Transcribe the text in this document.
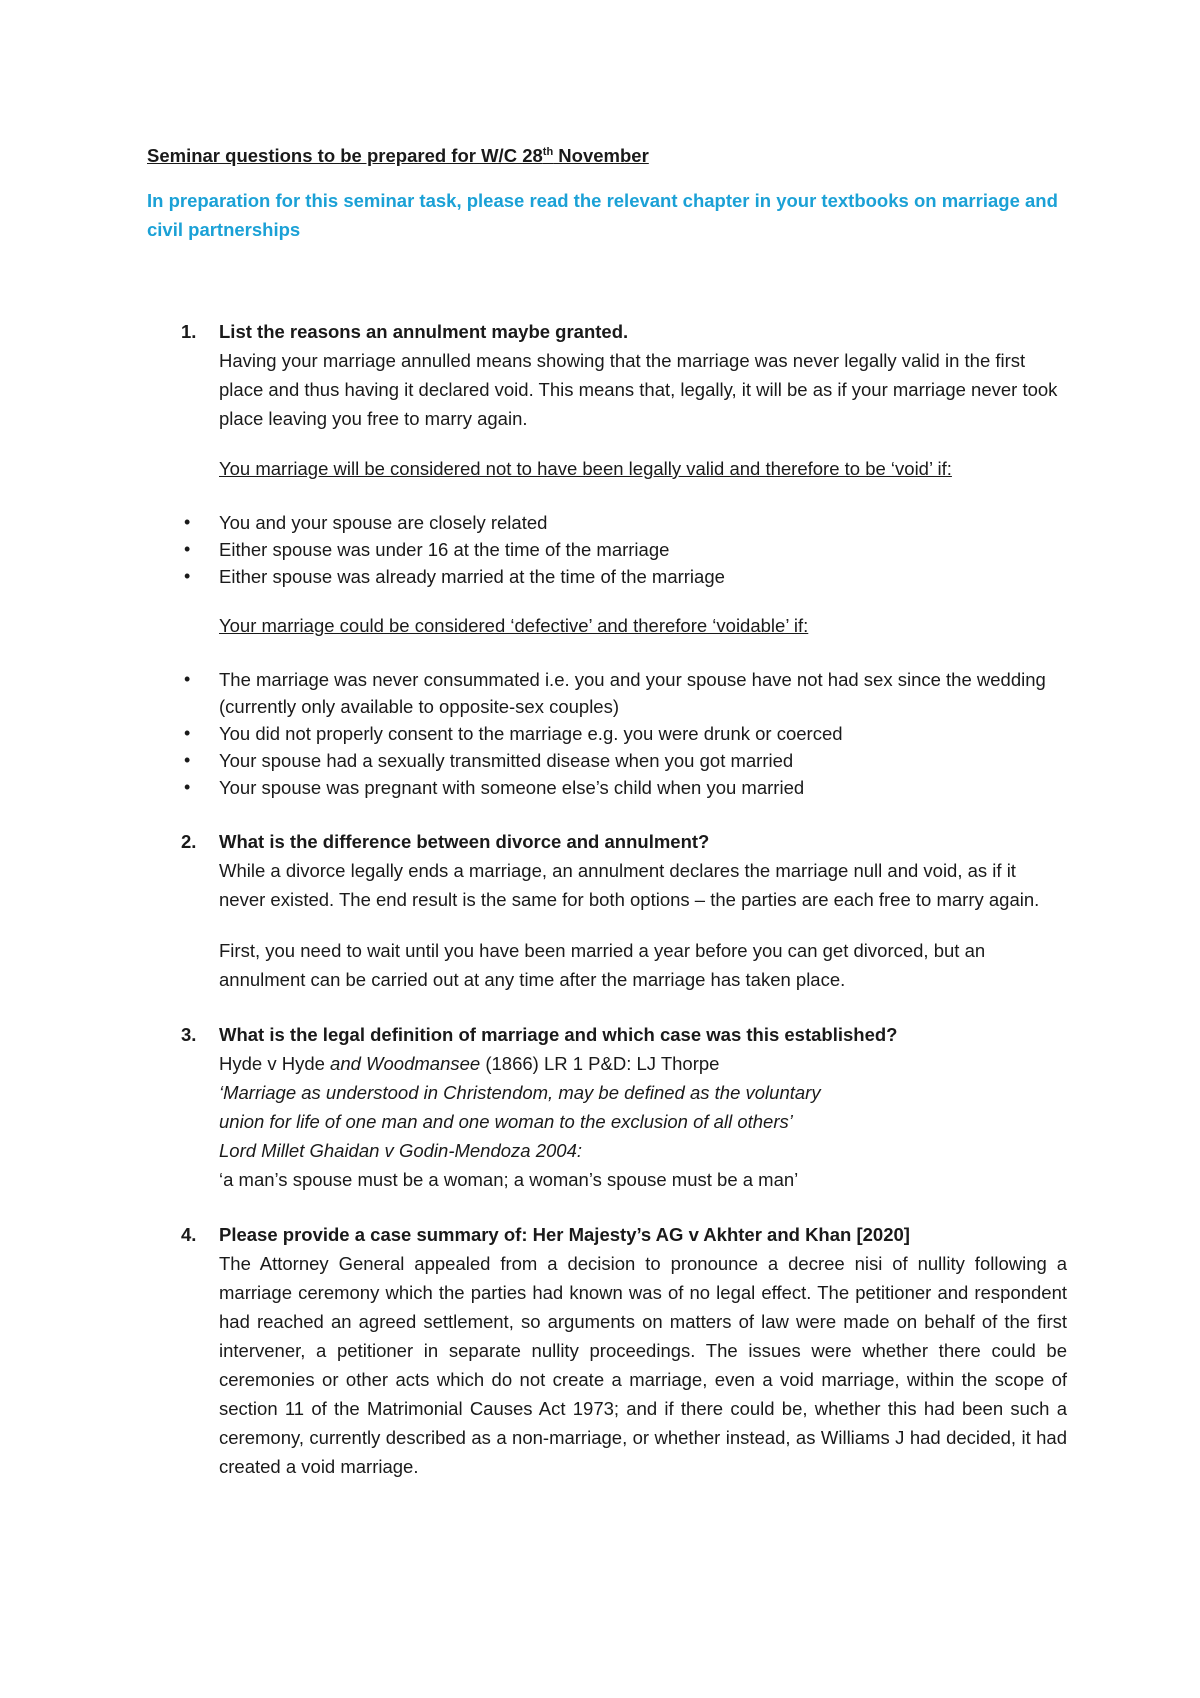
Seminar questions to be prepared for W/C 28th November

In preparation for this seminar task, please read the relevant chapter in your textbooks on marriage and civil partnerships

1. List the reasons an annulment maybe granted.

Having your marriage annulled means showing that the marriage was never legally valid in the first place and thus having it declared void. This means that, legally, it will be as if your marriage never took place leaving you free to marry again.

You marriage will be considered not to have been legally valid and therefore to be ‘void’ if:

• You and your spouse are closely related
• Either spouse was under 16 at the time of the marriage
• Either spouse was already married at the time of the marriage

Your marriage could be considered ‘defective’ and therefore ‘voidable’ if:

• The marriage was never consummated i.e. you and your spouse have not had sex since the wedding (currently only available to opposite-sex couples)
• You did not properly consent to the marriage e.g. you were drunk or coerced
• Your spouse had a sexually transmitted disease when you got married
• Your spouse was pregnant with someone else’s child when you married
2. What is the difference between divorce and annulment?

While a divorce legally ends a marriage, an annulment declares the marriage null and void, as if it never existed. The end result is the same for both options – the parties are each free to marry again.

First, you need to wait until you have been married a year before you can get divorced, but an annulment can be carried out at any time after the marriage has taken place.

3. What is the legal definition of marriage and which case was this established?

Hyde v Hyde and Woodmansee (1866) LR 1 P&D: LJ Thorpe

‘Marriage as understood in Christendom, may be defined as the voluntary

union for life of one man and one woman to the exclusion of all others’

Lord Millet Ghaidan v Godin-Mendoza 2004:

‘a man’s spouse must be a woman; a woman’s spouse must be a man’

4. Please provide a case summary of: Her Majesty’s AG v Akhter and Khan [2020]

The Attorney General appealed from a decision to pronounce a decree nisi of nullity following a marriage ceremony which the parties had known was of no legal effect. The petitioner and respondent had reached an agreed settlement, so arguments on matters of law were made on behalf of the first intervener, a petitioner in separate nullity proceedings. The issues were whether there could be ceremonies or other acts which do not create a marriage, even a void marriage, within the scope of section 11 of the Matrimonial Causes Act 1973; and if there could be, whether this had been such a ceremony, currently described as a non-marriage, or whether instead, as Williams J had decided, it had created a void marriage.
